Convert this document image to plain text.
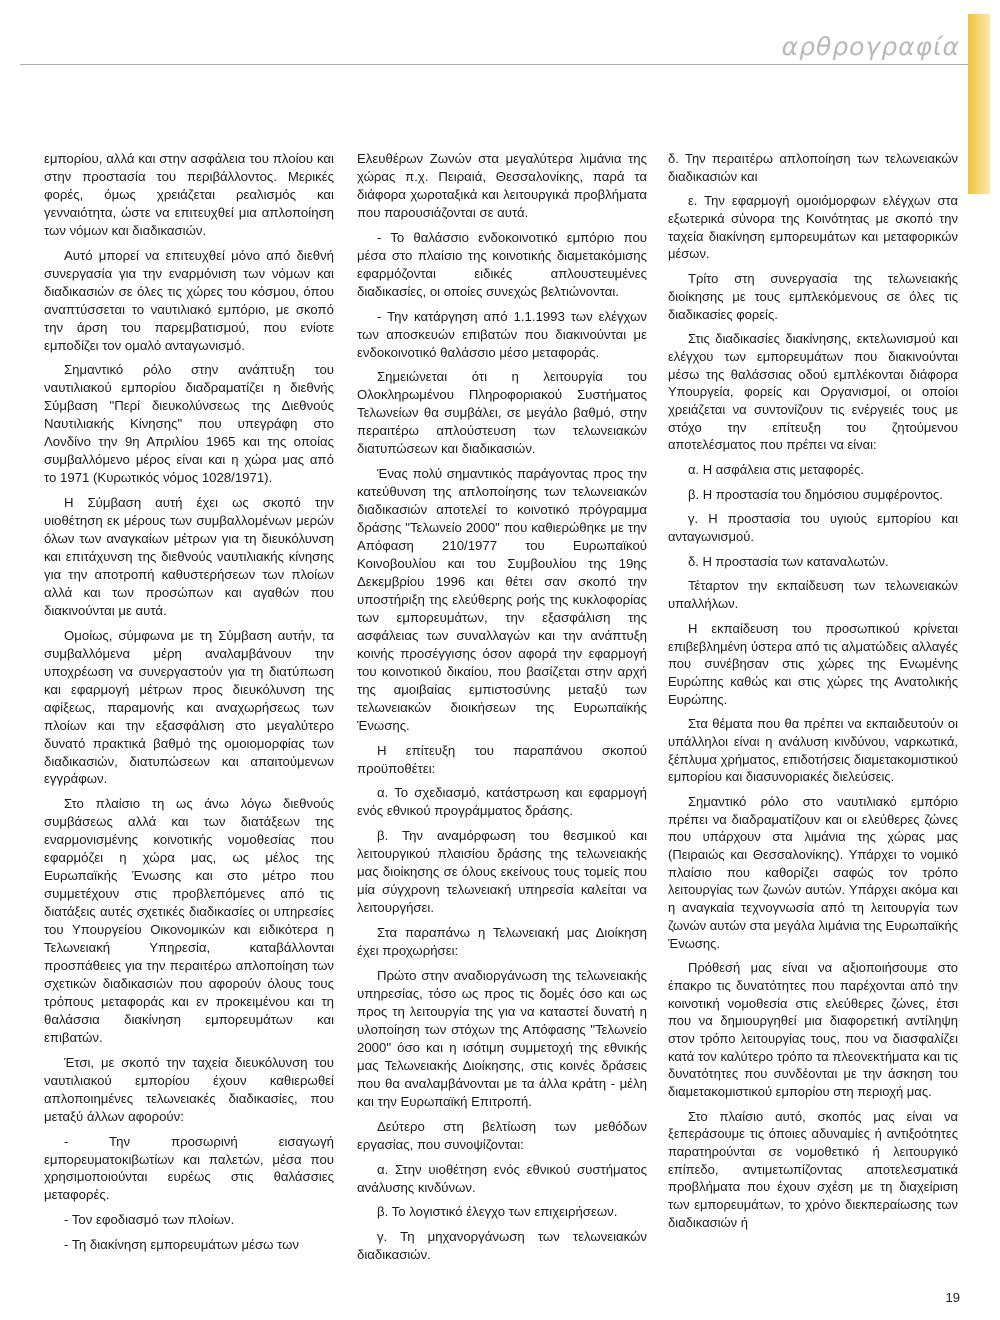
αρθρογραφία

εμπορίου, αλλά και στην ασφάλεια του πλοίου και στην προστασία του περιβάλλοντος. Μερικές φορές, όμως χρειάζεται ρεαλισμός και γενναιότητα, ώστε να επιτευχθεί μια απλοποίηση των νόμων και διαδικασιών.

Αυτό μπορεί να επιτευχθεί μόνο από διεθνή συνεργασία για την εναρμόνιση των νόμων και διαδικασιών σε όλες τις χώρες του κόσμου, όπου αναπτύσσεται το ναυτιλιακό εμπόριο, με σκοπό την άρση του παρεμβατισμού, που ενίοτε εμποδίζει τον ομαλό ανταγωνισμό.

Σημαντικό ρόλο στην ανάπτυξη του ναυτιλιακού εμπορίου διαδραματίζει η διεθνής Σύμβαση "Περί διευκολύνσεως της Διεθνούς Ναυτιλιακής Κίνησης" που υπεγράφη στο Λονδίνο την 9η Απριλίου 1965 και της οποίας συμβαλλόμενο μέρος είναι και η χώρα μας από το 1971 (Κυρωτικός νόμος 1028/1971).

Η Σύμβαση αυτή έχει ως σκοπό την υιοθέτηση εκ μέρους των συμβαλλομένων μερών όλων των αναγκαίων μέτρων για τη διευκόλυνση και επιτάχυνση της διεθνούς ναυτιλιακής κίνησης για την αποτροπή καθυστερήσεων των πλοίων αλλά και των προσώπων και αγαθών που διακινούνται με αυτά.

Ομοίως, σύμφωνα με τη Σύμβαση αυτήν, τα συμβαλλόμενα μέρη αναλαμβάνουν την υποχρέωση να συνεργαστούν για τη διατύπωση και εφαρμογή μέτρων προς διευκόλυνση της αφίξεως, παραμονής και αναχωρήσεως των πλοίων και την εξασφάλιση στο μεγαλύτερο δυνατό πρακτικά βαθμό της ομοιομορφίας των διαδικασιών, διατυπώσεων και απαιτούμενων εγγράφων.

Στο πλαίσιο τη ως άνω λόγω διεθνούς συμβάσεως αλλά και των διατάξεων της εναρμονισμένης κοινοτικής νομοθεσίας που εφαρμόζει η χώρα μας, ως μέλος της Ευρωπαϊκής Ένωσης και στο μέτρο που συμμετέχουν στις προβλεπόμενες από τις διατάξεις αυτές σχετικές διαδικασίες οι υπηρεσίες του Υπουργείου Οικονομικών και ειδικότερα η Τελωνειακή Υπηρεσία, καταβάλλονται προσπάθειες για την περαιτέρω απλοποίηση των σχετικών διαδικασιών που αφορούν όλους τους τρόπους μεταφοράς και εν προκειμένου και τη θαλάσσια διακίνηση εμπορευμάτων και επιβατών.

Έτσι, με σκοπό την ταχεία διευκόλυνση του ναυτιλιακού εμπορίου έχουν καθιερωθεί απλοποιημένες τελωνειακές διαδικασίες, που μεταξύ άλλων αφορούν:

- Την προσωρινή εισαγωγή εμπορευματοκιβωτίων και παλετών, μέσα που χρησιμοποιούνται ευρέως στις θαλάσσιες μεταφορές.

- Τον εφοδιασμό των πλοίων.

- Τη διακίνηση εμπορευμάτων μέσω των

Ελευθέρων Ζωνών στα μεγαλύτερα λιμάνια της χώρας π.χ. Πειραιά, Θεσσαλονίκης, παρά τα διάφορα χωροταξικά και λειτουργικά προβλήματα που παρουσιάζονται σε αυτά.

- Το θαλάσσιο ενδοκοινοτικό εμπόριο που μέσα στο πλαίσιο της κοινοτικής διαμετακόμισης εφαρμόζονται ειδικές απλουστευμένες διαδικασίες, οι οποίες συνεχώς βελτιώνονται.

- Την κατάργηση από 1.1.1993 των ελέγχων των αποσκευών επιβατών που διακινούνται με ενδοκοινοτικό θαλάσσιο μέσο μεταφοράς.

Σημειώνεται ότι η λειτουργία του Ολοκληρωμένου Πληροφοριακού Συστήματος Τελωνείων θα συμβάλει, σε μεγάλο βαθμό, στην περαιτέρω απλούστευση των τελωνειακών διατυπώσεων και διαδικασιών.

Ένας πολύ σημαντικός παράγοντας προς την κατεύθυνση της απλοποίησης των τελωνειακών διαδικασιών αποτελεί το κοινοτικό πρόγραμμα δράσης "Τελωνείο 2000" που καθιερώθηκε με την Απόφαση 210/1977 του Ευρωπαϊκού Κοινοβουλίου και του Συμβουλίου της 19ης Δεκεμβρίου 1996 και θέτει σαν σκοπό την υποστήριξη της ελεύθερης ροής της κυκλοφορίας των εμπορευμάτων, την εξασφάλιση της ασφάλειας των συναλλαγών και την ανάπτυξη κοινής προσέγγισης όσον αφορά την εφαρμογή του κοινοτικού δικαίου, που βασίζεται στην αρχή της αμοιβαίας εμπιστοσύνης μεταξύ των τελωνειακών διοικήσεων της Ευρωπαϊκής Ένωσης.

Η επίτευξη του παραπάνου σκοπού προϋποθέτει:

α. Το σχεδιασμό, κατάστρωση και εφαρμογή ενός εθνικού προγράμματος δράσης.

β. Την αναμόρφωση του θεσμικού και λειτουργικού πλαισίου δράσης της τελωνειακής μας διοίκησης σε όλους εκείνους τους τομείς που μία σύγχρονη τελωνειακή υπηρεσία καλείται να λειτουργήσει.

Στα παραπάνω η Τελωνειακή μας Διοίκηση έχει προχωρήσει:

Πρώτο στην αναδιοργάνωση της τελωνειακής υπηρεσίας, τόσο ως προς τις δομές όσο και ως προς τη λειτουργία της για να καταστεί δυνατή η υλοποίηση των στόχων της Απόφασης "Τελωνείο 2000" όσο και η ισότιμη συμμετοχή της εθνικής μας Τελωνειακής Διοίκησης, στις κοινές δράσεις που θα αναλαμβάνονται με τα άλλα κράτη - μέλη και την Ευρωπαϊκή Επιτροπή.

Δεύτερο στη βελτίωση των μεθόδων εργασίας, που συνοψίζονται:

α. Στην υιοθέτηση ενός εθνικού συστήματος ανάλυσης κινδύνων.

β. Το λογιστικό έλεγχο των επιχειρήσεων.

γ. Τη μηχανοργάνωση των τελωνειακών διαδικασιών.

δ. Την περαιτέρω απλοποίηση των τελωνειακών διαδικασιών και

ε. Την εφαρμογή ομοιόμορφων ελέγχων στα εξωτερικά σύνορα της Κοινότητας με σκοπό την ταχεία διακίνηση εμπορευμάτων και μεταφορικών μέσων.

Τρίτο στη συνεργασία της τελωνειακής διοίκησης με τους εμπλεκόμενους σε όλες τις διαδικασίες φορείς.

Στις διαδικασίες διακίνησης, εκτελωνισμού και ελέγχου των εμπορευμάτων που διακινούνται μέσω της θαλάσσιας οδού εμπλέκονται διάφορα Υπουργεία, φορείς και Οργανισμοί, οι οποίοι χρειάζεται να συντονίζουν τις ενέργειές τους με στόχο την επίτευξη του ζητούμενου αποτελέσματος που πρέπει να είναι:

α. Η ασφάλεια στις μεταφορές.

β. Η προστασία του δημόσιου συμφέροντος.

γ. Η προστασία του υγιούς εμπορίου και ανταγωνισμού.

δ. Η προστασία των καταναλωτών.

Τέταρτον την εκπαίδευση των τελωνειακών υπαλλήλων.

Η εκπαίδευση του προσωπικού κρίνεται επιβεβλημένη ύστερα από τις αλματώδεις αλλαγές που συνέβησαν στις χώρες της Ενωμένης Ευρώπης καθώς και στις χώρες της Ανατολικής Ευρώπης.

Στα θέματα που θα πρέπει να εκπαιδευτούν οι υπάλληλοι είναι η ανάλυση κινδύνου, ναρκωτικά, ξέπλυμα χρήματος, επιδοτήσεις διαμετακομιστικού εμπορίου και διασυνοριακές διελεύσεις.

Σημαντικό ρόλο στο ναυτιλιακό εμπόριο πρέπει να διαδραματίζουν και οι ελεύθερες ζώνες που υπάρχουν στα λιμάνια της χώρας μας (Πειραιώς και Θεσσαλονίκης). Υπάρχει το νομικό πλαίσιο που καθορίζει σαφώς τον τρόπο λειτουργίας των ζωνών αυτών. Υπάρχει ακόμα και η αναγκαία τεχνογνωσία από τη λειτουργία των ζωνών αυτών στα μεγάλα λιμάνια της Ευρωπαϊκής Ένωσης.

Πρόθεσή μας είναι να αξιοποιήσουμε στο έπακρο τις δυνατότητες που παρέχονται από την κοινοτική νομοθεσία στις ελεύθερες ζώνες, έτσι που να δημιουργηθεί μια διαφορετική αντίληψη στον τρόπο λειτουργίας τους, που να διασφαλίζει κατά τον καλύτερο τρόπο τα πλεονεκτήματα και τις δυνατότητες που συνδέονται με την άσκηση του διαμετακομιστικού εμπορίου στη περιοχή μας.

Στο πλαίσιο αυτό, σκοπός μας είναι να ξεπεράσουμε τις όποιες αδυναμίες ή αντιξοότητες παρατηρούνται σε νομοθετικό ή λειτουργικό επίπεδο, αντιμετωπίζοντας αποτελεσματικά προβλήματα που έχουν σχέση με τη διαχείριση των εμπορευμάτων, το χρόνο διεκπεραίωσης των διαδικασιών ή

19
